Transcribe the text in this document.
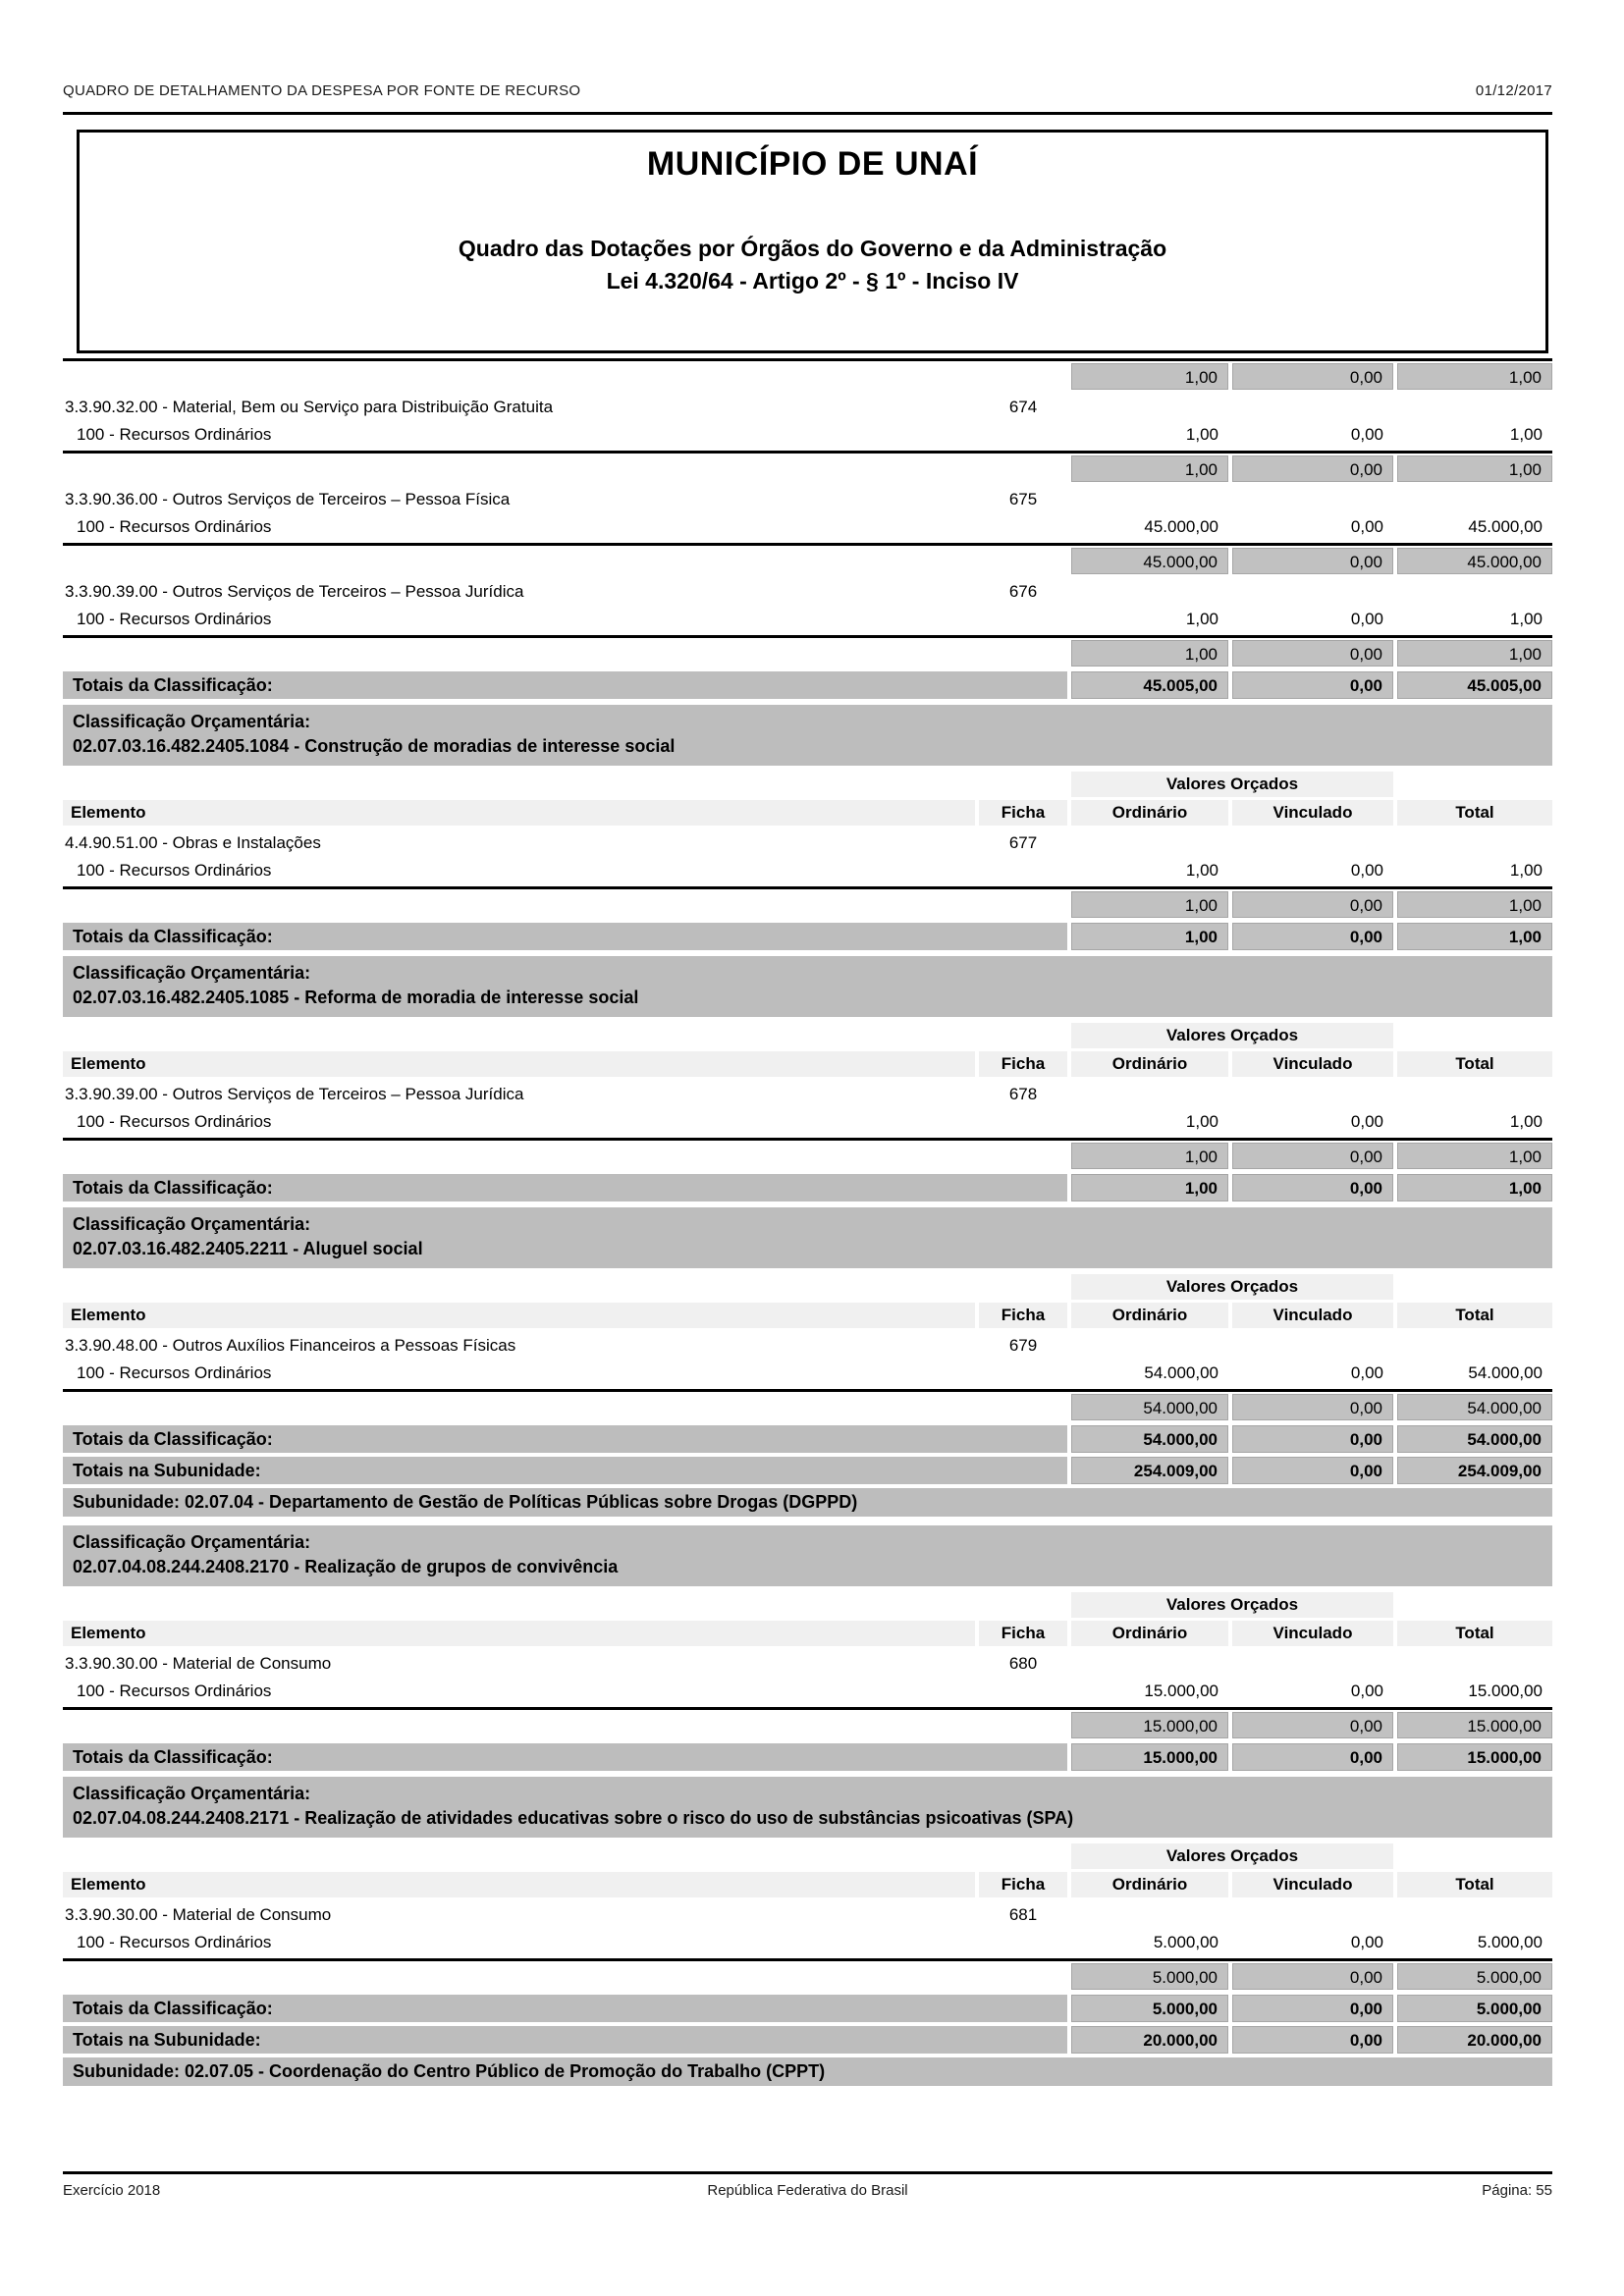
QUADRO DE DETALHAMENTO DA DESPESA POR FONTE DE RECURSO	01/12/2017
MUNICÍPIO DE UNAÍ
Quadro das Dotações por Órgãos do Governo e da Administração
Lei 4.320/64 - Artigo 2º - § 1º - Inciso IV
1,00	0,00	1,00
3.3.90.32.00 - Material, Bem ou Serviço para Distribuição Gratuita	674
100 - Recursos Ordinários	1,00	0,00	1,00
1,00	0,00	1,00
3.3.90.36.00 - Outros Serviços de Terceiros – Pessoa Física	675
100 - Recursos Ordinários	45.000,00	0,00	45.000,00
45.000,00	0,00	45.000,00
3.3.90.39.00 - Outros Serviços de Terceiros – Pessoa Jurídica	676
100 - Recursos Ordinários	1,00	0,00	1,00
1,00	0,00	1,00
Totais da Classificação:	45.005,00	0,00	45.005,00
Classificação Orçamentária:
02.07.03.16.482.2405.1084 - Construção de moradias de interesse social
Valores Orçados
Elemento	Ficha	Ordinário	Vinculado	Total
4.4.90.51.00 - Obras e Instalações	677
100 - Recursos Ordinários	1,00	0,00	1,00
1,00	0,00	1,00
Totais da Classificação:	1,00	0,00	1,00
Classificação Orçamentária:
02.07.03.16.482.2405.1085 - Reforma de moradia de interesse social
Valores Orçados
Elemento	Ficha	Ordinário	Vinculado	Total
3.3.90.39.00 - Outros Serviços de Terceiros – Pessoa Jurídica	678
100 - Recursos Ordinários	1,00	0,00	1,00
1,00	0,00	1,00
Totais da Classificação:	1,00	0,00	1,00
Classificação Orçamentária:
02.07.03.16.482.2405.2211 - Aluguel social
Valores Orçados
Elemento	Ficha	Ordinário	Vinculado	Total
3.3.90.48.00 - Outros Auxílios Financeiros a Pessoas Físicas	679
100 - Recursos Ordinários	54.000,00	0,00	54.000,00
54.000,00	0,00	54.000,00
Totais da Classificação:	54.000,00	0,00	54.000,00
Totais na Subunidade:	254.009,00	0,00	254.009,00
Subunidade: 02.07.04 - Departamento de Gestão de Políticas Públicas sobre Drogas (DGPPD)
Classificação Orçamentária:
02.07.04.08.244.2408.2170 - Realização de grupos de convivência
Valores Orçados
Elemento	Ficha	Ordinário	Vinculado	Total
3.3.90.30.00 - Material de Consumo	680
100 - Recursos Ordinários	15.000,00	0,00	15.000,00
15.000,00	0,00	15.000,00
Totais da Classificação:	15.000,00	0,00	15.000,00
Classificação Orçamentária:
02.07.04.08.244.2408.2171 - Realização de atividades educativas sobre o risco do uso de substâncias psicoativas (SPA)
Valores Orçados
Elemento	Ficha	Ordinário	Vinculado	Total
3.3.90.30.00 - Material de Consumo	681
100 - Recursos Ordinários	5.000,00	0,00	5.000,00
5.000,00	0,00	5.000,00
Totais da Classificação:	5.000,00	0,00	5.000,00
Totais na Subunidade:	20.000,00	0,00	20.000,00
Subunidade: 02.07.05 - Coordenação do Centro Público de Promoção do Trabalho (CPPT)
Exercício 2018	República Federativa do Brasil	Página: 55
